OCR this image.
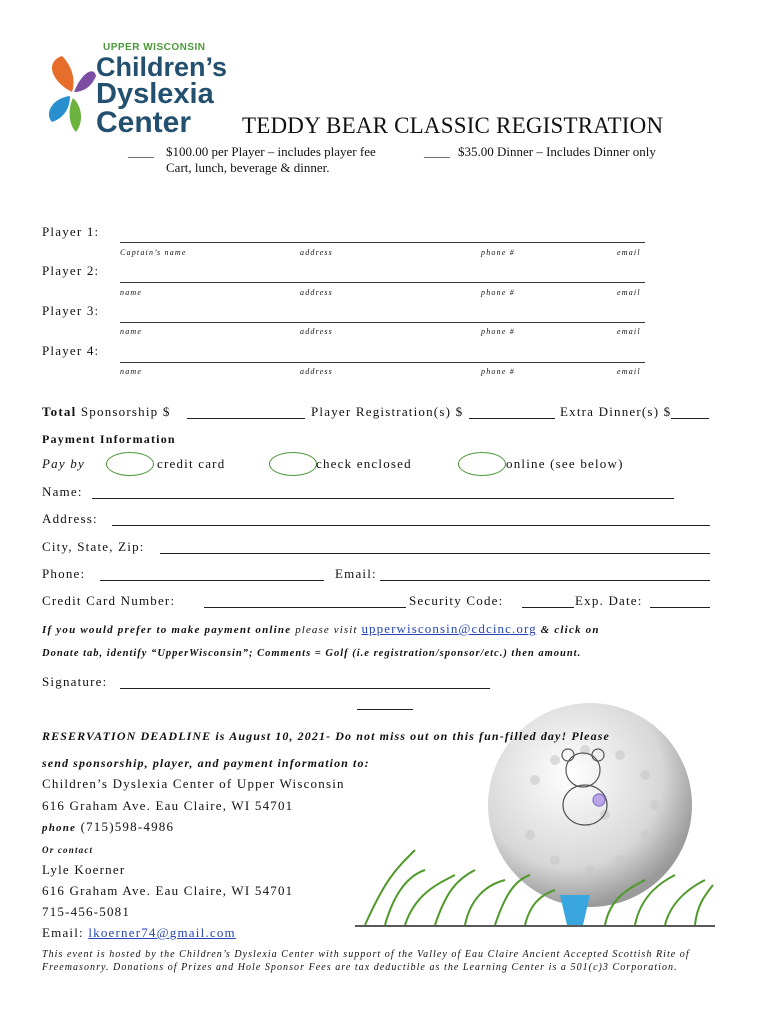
UPPER WISCONSIN
Children’s
Dyslexia
Center TEDDY BEAR CLASSIC REGISTRATION
____ $100.00 per Player – includes player fee
Cart, lunch, beverage & dinner.
____ $35.00 Dinner – Includes Dinner only
Player 1:
Captain’s name	address	phone #	email
Player 2:
name	address	phone #	email
Player 3:
name	address	phone #	email
Player 4:
name	address	phone #	email
Total Sponsorship $	Player Registration(s) $	Extra Dinner(s) $
Payment Information
Pay by	credit card	check enclosed	online (see below)
Name:
Address:
City, State, Zip:
Phone:	Email:
Credit Card Number:	Security Code:	Exp. Date:
If you would prefer to make payment online please visit upperwisconsin@cdcinc.org & click on
Donate tab, identify “UpperWisconsin”; Comments = Golf (i.e registration/sponsor/etc.) then amount.
Signature:
RESERVATION DEADLINE is August 10, 2021- Do not miss out on this fun-filled day! Please
send sponsorship, player, and payment information to:
Children’s Dyslexia Center of Upper Wisconsin
616 Graham Ave. Eau Claire, WI 54701
phone (715)598-4986
Or contact
Lyle Koerner
616 Graham Ave. Eau Claire, WI 54701
715-456-5081
Email: lkoerner74@gmail.com
This event is hosted by the Children’s Dyslexia Center with support of the Valley of Eau Claire Ancient Accepted Scottish Rite of
Freemasonry. Donations of Prizes and Hole Sponsor Fees are tax deductible as the Learning Center is a 501(c)3 Corporation.
